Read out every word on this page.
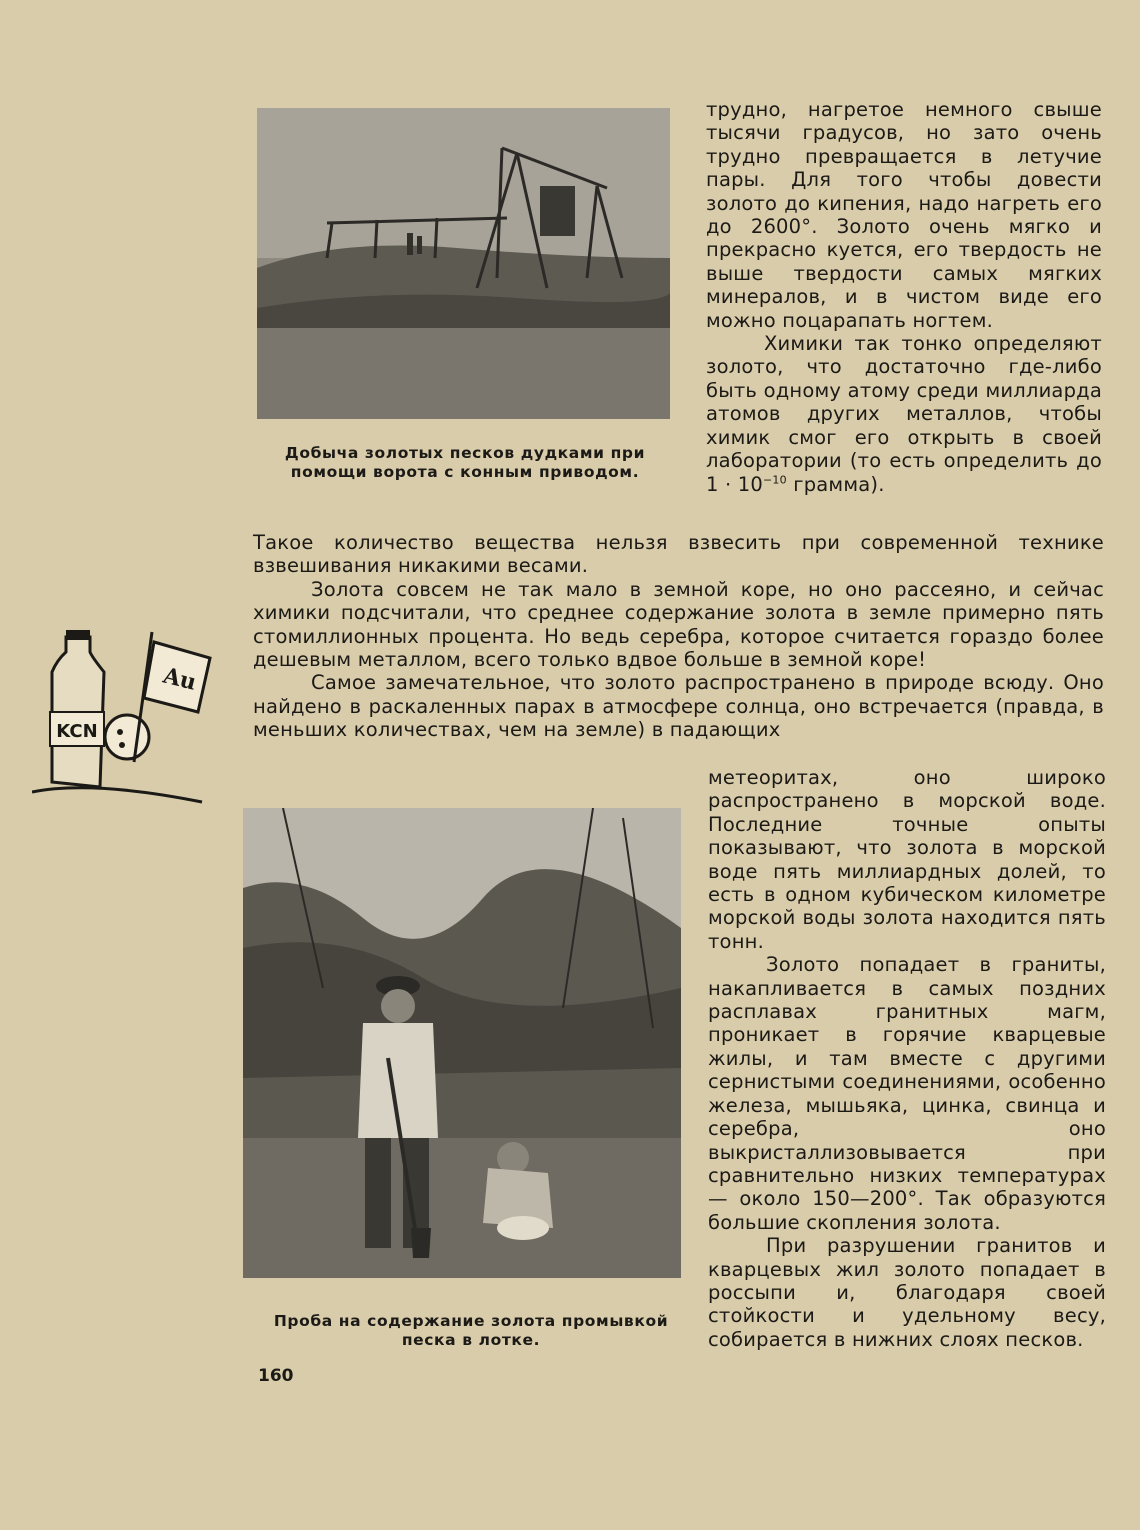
Добыча золотых песков дудками при помощи ворота с конным приводом.

трудно, нагретое немного свыше тысячи градусов, но зато очень трудно превращается в летучие пары. Для того чтобы довести золото до кипения, надо нагреть его до 2600°. Золото очень мягко и прекрасно куется, его твердость не выше твердости самых мягких минералов, и в чистом виде его можно поцарапать ногтем.

Химики так тонко определяют золото, что достаточно где-либо быть одному атому среди миллиарда атомов других металлов, чтобы химик смог его открыть в своей лаборатории (то есть определить до $1 \cdot 10^{-10}$ грамма).

Такое количество вещества нельзя взвесить при современной технике взвешивания никакими весами.

Золота совсем не так мало в земной коре, но оно рассеяно, и сейчас химики подсчитали, что среднее содержание золота в земле примерно пять стомиллионных процента. Но ведь серебра, которое считается гораздо более дешевым металлом, всего только вдвое больше в земной коре!

Самое замечательное, что золото распространено в природе всюду. Оно найдено в раскаленных парах в атмосфере солнца, оно встречается (правда, в меньших количествах, чем на земле) в падающих

KCN
Au
Проба на содержание золота промывкой песка в лотке.

метеоритах, оно широко распространено в морской воде. Последние точные опыты показывают, что золота в морской воде пять миллиардных долей, то есть в одном кубическом километре морской воды золота находится пять тонн.

Золото попадает в граниты, накапливается в самых поздних расплавах гранитных магм, проникает в горячие кварцевые жилы, и там вместе с другими сернистыми соединениями, особенно железа, мышьяка, цинка, свинца и серебра, оно выкристаллизовывается при сравнительно низких температурах — около 150—200°. Так образуются большие скопления золота.

При разрушении гранитов и кварцевых жил золото попадает в россыпи и, благодаря своей стойкости и удельному весу, собирается в нижних слоях песков.

160
